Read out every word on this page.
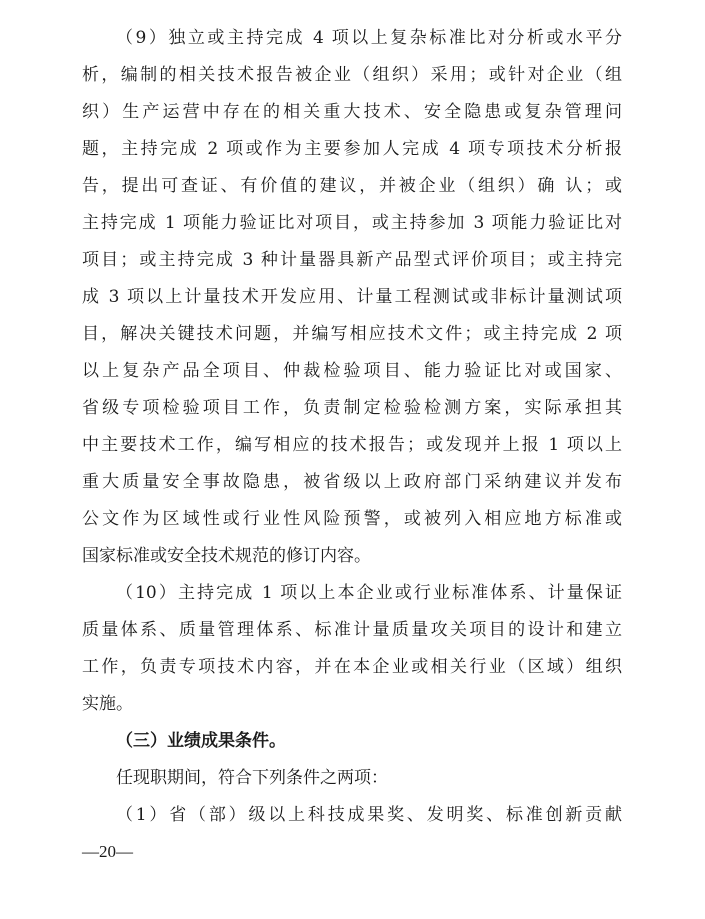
（9）独立或主持完成 4 项以上复杂标准比对分析或水平分
析，编制的相关技术报告被企业（组织）采用；或针对企业（组
织）生产运营中存在的相关重大技术、安全隐患或复杂管理问
题，主持完成 2 项或作为主要参加人完成 4 项专项技术分析报
告，提出可查证、有价值的建议，并被企业（组织）确 认；或
主持完成 1 项能力验证比对项目，或主持参加 3 项能力验证比对
项目；或主持完成 3 种计量器具新产品型式评价项目；或主持完
成 3 项以上计量技术开发应用、计量工程测试或非标计量测试项
目，解决关键技术问题，并编写相应技术文件；或主持完成 2 项
以上复杂产品全项目、仲裁检验项目、能力验证比对或国家、
省级专项检验项目工作，负责制定检验检测方案，实际承担其
中主要技术工作，编写相应的技术报告；或发现并上报 1 项以上
重大质量安全事故隐患，被省级以上政府部门采纳建议并发布
公文作为区域性或行业性风险预警，或被列入相应地方标准或
国家标准或安全技术规范的修订内容。

（10）主持完成 1 项以上本企业或行业标准体系、计量保证
质量体系、质量管理体系、标准计量质量攻关项目的设计和建立
工作，负责专项技术内容，并在本企业或相关行业（区域）组织
实施。

（三）业绩成果条件。

任现职期间，符合下列条件之两项：

（1）省（部）级以上科技成果奖、发明奖、标准创新贡献

—20—
